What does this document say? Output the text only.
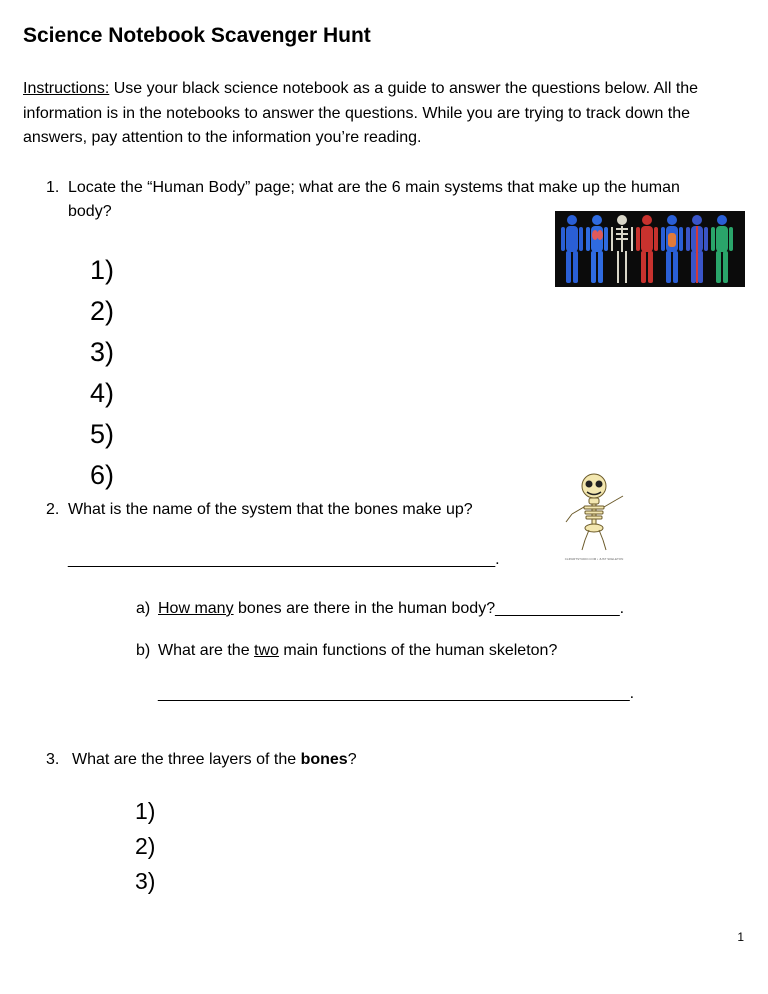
Science Notebook Scavenger Hunt
Instructions: Use your black science notebook as a guide to answer the questions below. All the information is in the notebooks to answer the questions. While you are trying to track down the answers, pay attention to the information you’re reading.
1. Locate the “Human Body” page; what are the 6 main systems that make up the human
body?
1)
2)
3)
4)
5)
6)
2. What is the name of the system that the bones make up?
________________________________________________.	CLIPARTSTUDIO.COM • JUST SKELETON
a) How many bones are there in the human body?______________.
b) What are the two main functions of the human skeleton?
_____________________________________________________.
3. What are the three layers of the bones?
1)
2)
3)
1
